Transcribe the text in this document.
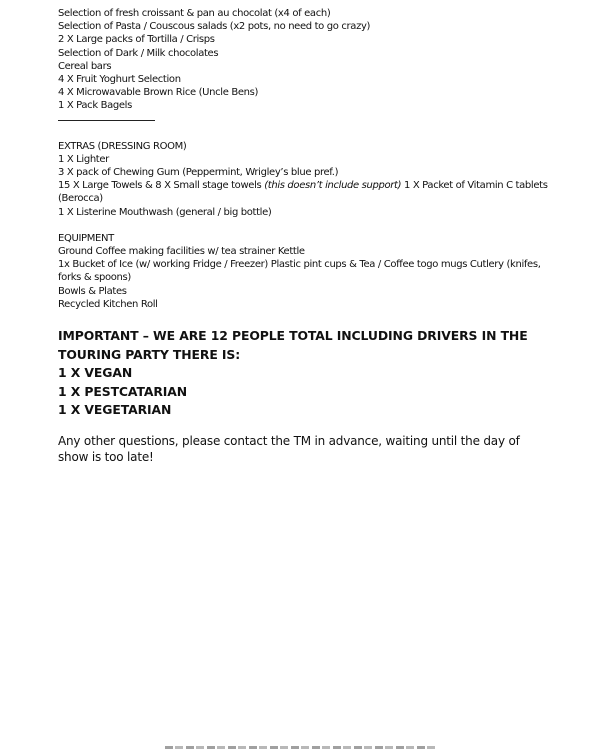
Selection of fresh croissant & pan au chocolat (x4 of each)
Selection of Pasta / Couscous salads (x2 pots, no need to go crazy)
2 X Large packs of Tortilla / Crisps
Selection of Dark / Milk chocolates
Cereal bars
4 X Fruit Yoghurt Selection
4 X Microwavable Brown Rice (Uncle Bens)
1 X Pack Bagels
EXTRAS (DRESSING ROOM)
1 X Lighter
3 X pack of Chewing Gum (Peppermint, Wrigley’s blue pref.)
15 X Large Towels & 8 X Small stage towels (this doesn’t include support) 1 X Packet of Vitamin C tablets (Berocca)
1 X Listerine Mouthwash (general / big bottle)
EQUIPMENT
Ground Coffee making facilities w/ tea strainer Kettle
1x Bucket of Ice (w/ working Fridge / Freezer) Plastic pint cups & Tea / Coffee togo mugs Cutlery (knifes, forks & spoons)
Bowls & Plates
Recycled Kitchen Roll
IMPORTANT – WE ARE 12 PEOPLE TOTAL INCLUDING DRIVERS IN THE TOURING PARTY THERE IS:
1 X VEGAN
1 X PESTCATARIAN
1 X VEGETARIAN
Any other questions, please contact the TM in advance, waiting until the day of show is too late!
